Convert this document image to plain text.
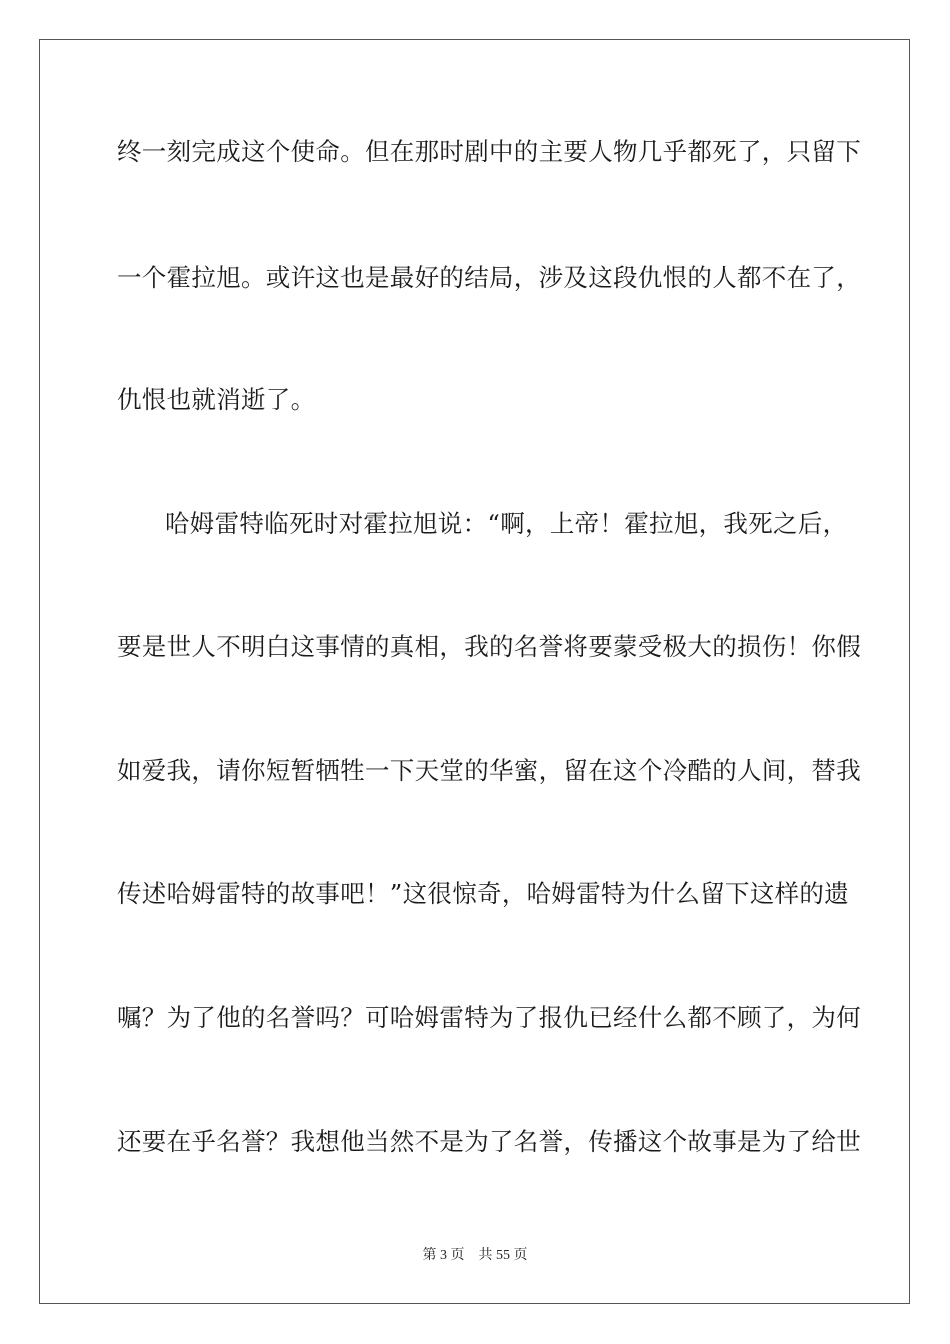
终一刻完成这个使命。但在那时剧中的主要人物几乎都死了，只留下
一个霍拉旭。或许这也是最好的结局，涉及这段仇恨的人都不在了，
仇恨也就消逝了。
哈姆雷特临死时对霍拉旭说：“啊，上帝！霍拉旭，我死之后，
要是世人不明白这事情的真相，我的名誉将要蒙受极大的损伤！你假
如爱我，请你短暂牺牲一下天堂的华蜜，留在这个冷酷的人间，替我
传述哈姆雷特的故事吧！”这很惊奇，哈姆雷特为什么留下这样的遗
嘱？为了他的名誉吗？可哈姆雷特为了报仇已经什么都不顾了，为何
还要在乎名誉？我想他当然不是为了名誉，传播这个故事是为了给世
第 3 页 共 55 页
